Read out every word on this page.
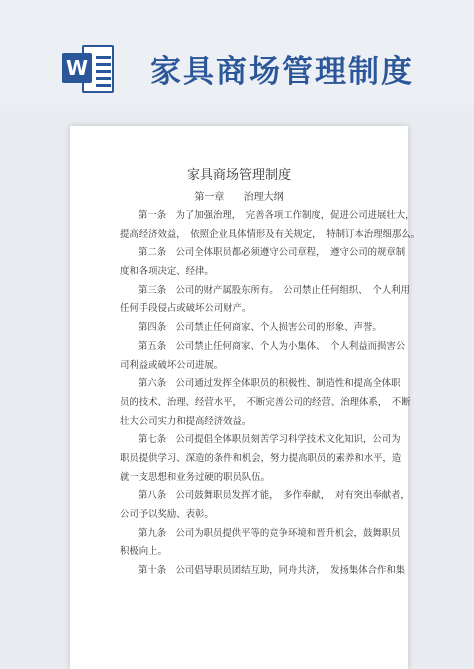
W 家具商场管理制度
家具商场管理制度
第一章　 治理大纲
第一条　为了加强治理，　完善各项工作制度，促进公司进展壮大，
提高经济效益，　依照企业具体情形及有关规定，　特制订本治理细那么。
第二条　公司全体职员都必须遵守公司章程，　遵守公司的规章制
度和各项决定、经律。
第三条　公司的财产属股东所有。　公司禁止任何组织、　个人利用
任何手段侵占或破坏公司财产。
第四条　公司禁止任何商家、个人损害公司的形象、声誉。
第五条　公司禁止任何商家、个人为小集体、　个人利益而损害公
司利益或破坏公司进展。
第六条　公司通过发挥全体职员的积极性、制造性和提高全体职
员的技术、治理、经营水平，　不断完善公司的经营、治理体系，　不断
壮大公司实力和提高经济效益。
第七条　公司提倡全体职员刻苦学习科学技术文化知识，公司为
职员提供学习、深造的条件和机会，努力提高职员的素养和水平，造
就一支思想和业务过硬的职员队伍。
第八条　公司鼓舞职员发挥才能，　多作奉献，　对有突出奉献者，
公司予以奖励、表彰。
第九条　公司为职员提供平等的竞争环境和晋升机会，鼓舞职员
积极向上。
第十条　公司倡导职员团结互助，同舟共济，　发扬集体合作和集
